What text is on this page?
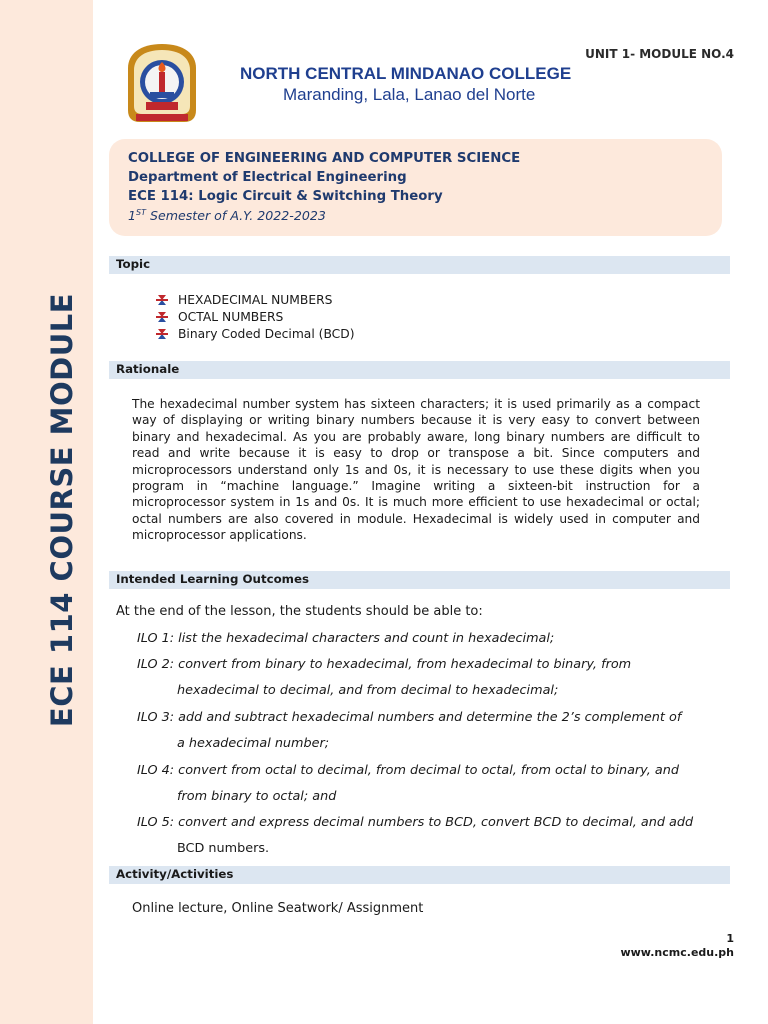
ECE 114 COURSE MODULE
UNIT 1- MODULE NO.4
NORTH CENTRAL MINDANAO COLLEGE
Maranding, Lala, Lanao del Norte
COLLEGE OF ENGINEERING AND COMPUTER SCIENCE
Department of Electrical Engineering
ECE 114: Logic Circuit & Switching Theory
1ST Semester of A.Y. 2022-2023
Topic
HEXADECIMAL NUMBERS
OCTAL NUMBERS
Binary Coded Decimal (BCD)
Rationale
The hexadecimal number system has sixteen characters; it is used primarily as a compact way of displaying or writing binary numbers because it is very easy to convert between binary and hexadecimal. As you are probably aware, long binary numbers are difficult to read and write because it is easy to drop or transpose a bit. Since computers and microprocessors understand only 1s and 0s, it is necessary to use these digits when you program in “machine language.” Imagine writing a sixteen-bit instruction for a microprocessor system in 1s and 0s. It is much more efficient to use hexadecimal or octal; octal numbers are also covered in module. Hexadecimal is widely used in computer and microprocessor applications.
Intended Learning Outcomes
At the end of the lesson, the students should be able to:
ILO 1: list the hexadecimal characters and count in hexadecimal;
ILO 2: convert from binary to hexadecimal, from hexadecimal to binary, from
hexadecimal to decimal, and from decimal to hexadecimal;
ILO 3: add and subtract hexadecimal numbers and determine the 2’s complement of
a hexadecimal number;
ILO 4: convert from octal to decimal, from decimal to octal, from octal to binary, and
from binary to octal; and
ILO 5: convert and express decimal numbers to BCD, convert BCD to decimal, and add
BCD numbers.
Activity/Activities
Online lecture, Online Seatwork/ Assignment
1
www.ncmc.edu.ph
